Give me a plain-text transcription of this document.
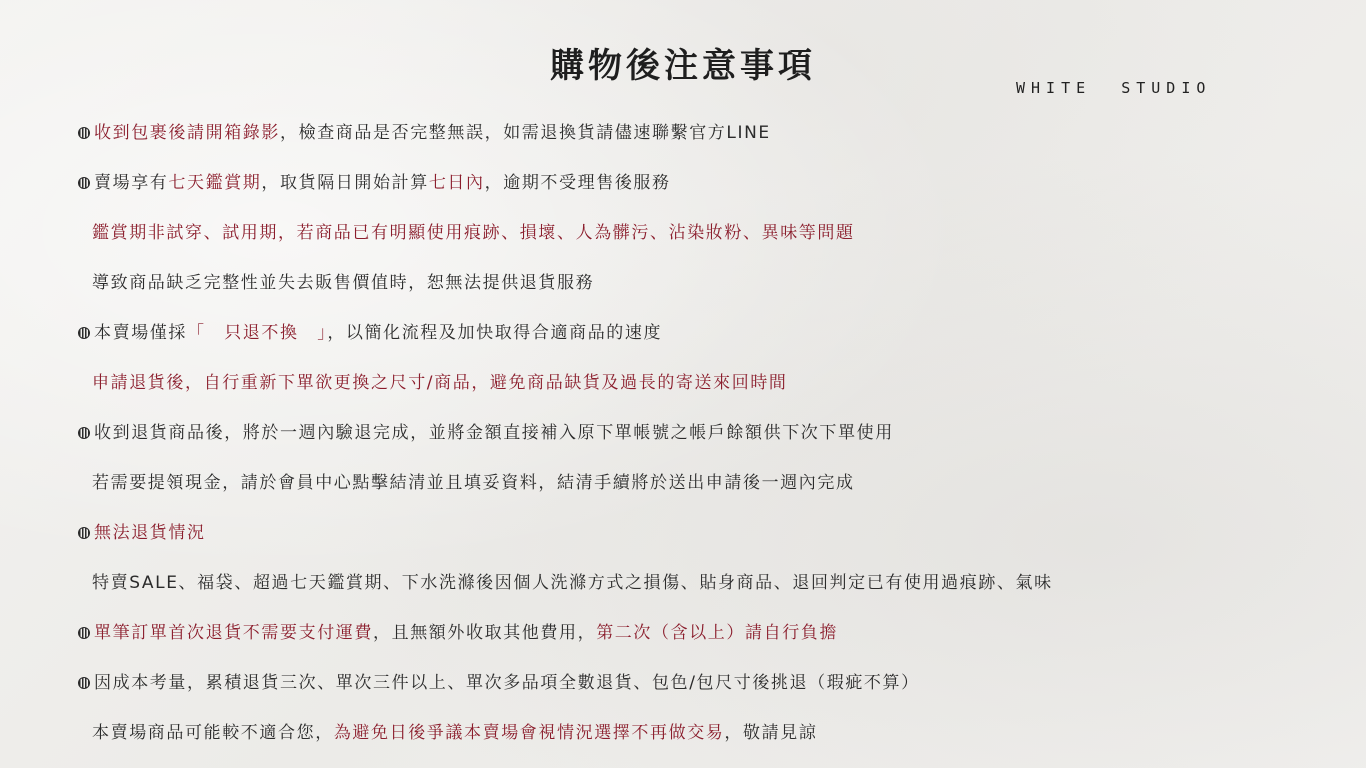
購物後注意事項
WHITE  STUDIO
收到包裹後請開箱錄影，檢查商品是否完整無誤，如需退換貨請儘速聯繫官方LINE
賣場享有七天鑑賞期，取貨隔日開始計算七日內，逾期不受理售後服務
鑑賞期非試穿、試用期，若商品已有明顯使用痕跡、損壞、人為髒污、沾染妝粉、異味等問題
導致商品缺乏完整性並失去販售價值時，恕無法提供退貨服務
本賣場僅採「　只退不換　」，以簡化流程及加快取得合適商品的速度
申請退貨後，自行重新下單欲更換之尺寸/商品，避免商品缺貨及過長的寄送來回時間
收到退貨商品後，將於一週內驗退完成，並將金額直接補入原下單帳號之帳戶餘額供下次下單使用
若需要提領現金，請於會員中心點擊結清並且填妥資料，結清手續將於送出申請後一週內完成
無法退貨情況
特賣SALE、福袋、超過七天鑑賞期、下水洗滌後因個人洗滌方式之損傷、貼身商品、退回判定已有使用過痕跡、氣味
單筆訂單首次退貨不需要支付運費，且無額外收取其他費用，第二次（含以上）請自行負擔
因成本考量，累積退貨三次、單次三件以上、單次多品項全數退貨、包色/包尺寸後挑退（瑕疵不算）
本賣場商品可能較不適合您，為避免日後爭議本賣場會視情況選擇不再做交易，敬請見諒
